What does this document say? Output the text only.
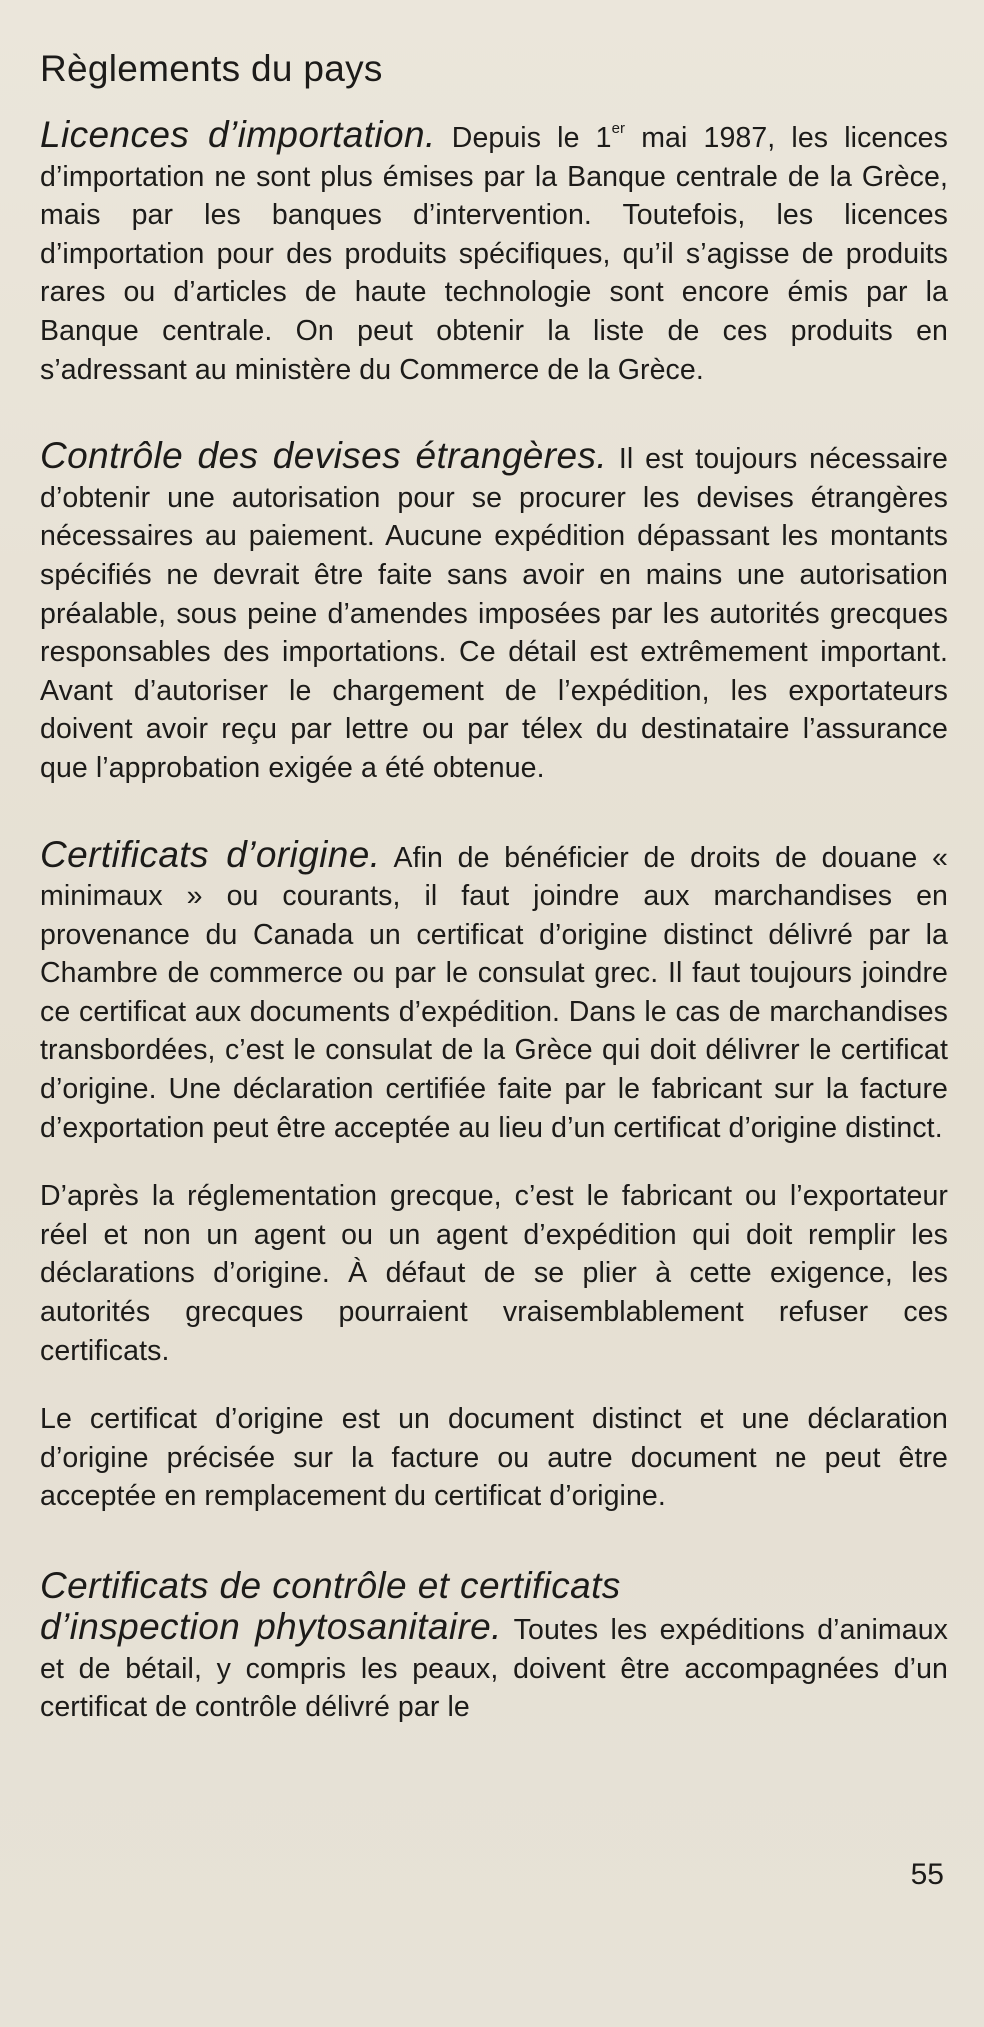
Règlements du pays

Licences d’importation. Depuis le 1er mai 1987, les licences d’importation ne sont plus émises par la Banque centrale de la Grèce, mais par les banques d’intervention. Toutefois, les licences d’importation pour des produits spécifiques, qu’il s’agisse de produits rares ou d’articles de haute technologie sont encore émis par la Banque centrale. On peut obtenir la liste de ces produits en s’adressant au ministère du Commerce de la Grèce.

Contrôle des devises étrangères. Il est toujours nécessaire d’obtenir une autorisation pour se procurer les devises étrangères nécessaires au paiement. Aucune expédition dépassant les montants spécifiés ne devrait être faite sans avoir en mains une autorisation préalable, sous peine d’amendes imposées par les autorités grecques responsables des importations. Ce détail est extrêmement important. Avant d’autoriser le chargement de l’expédition, les exportateurs doivent avoir reçu par lettre ou par télex du destinataire l’assurance que l’approbation exigée a été obtenue.

Certificats d’origine. Afin de bénéficier de droits de douane « minimaux » ou courants, il faut joindre aux marchandises en provenance du Canada un certificat d’origine distinct délivré par la Chambre de commerce ou par le consulat grec. Il faut toujours joindre ce certificat aux documents d’expédition. Dans le cas de marchandises transbordées, c’est le consulat de la Grèce qui doit délivrer le certificat d’origine. Une déclaration certifiée faite par le fabricant sur la facture d’exportation peut être acceptée au lieu d’un certificat d’origine distinct.

D’après la réglementation grecque, c’est le fabricant ou l’exportateur réel et non un agent ou un agent d’expédition qui doit remplir les déclarations d’origine. À défaut de se plier à cette exigence, les autorités grecques pourraient vraisemblablement refuser ces certificats.

Le certificat d’origine est un document distinct et une déclaration d’origine précisée sur la facture ou autre document ne peut être acceptée en remplacement du certificat d’origine.

Certificats de contrôle et certificats

d’inspection phytosanitaire. Toutes les expéditions d’animaux et de bétail, y compris les peaux, doivent être accompagnées d’un certificat de contrôle délivré par le

55
